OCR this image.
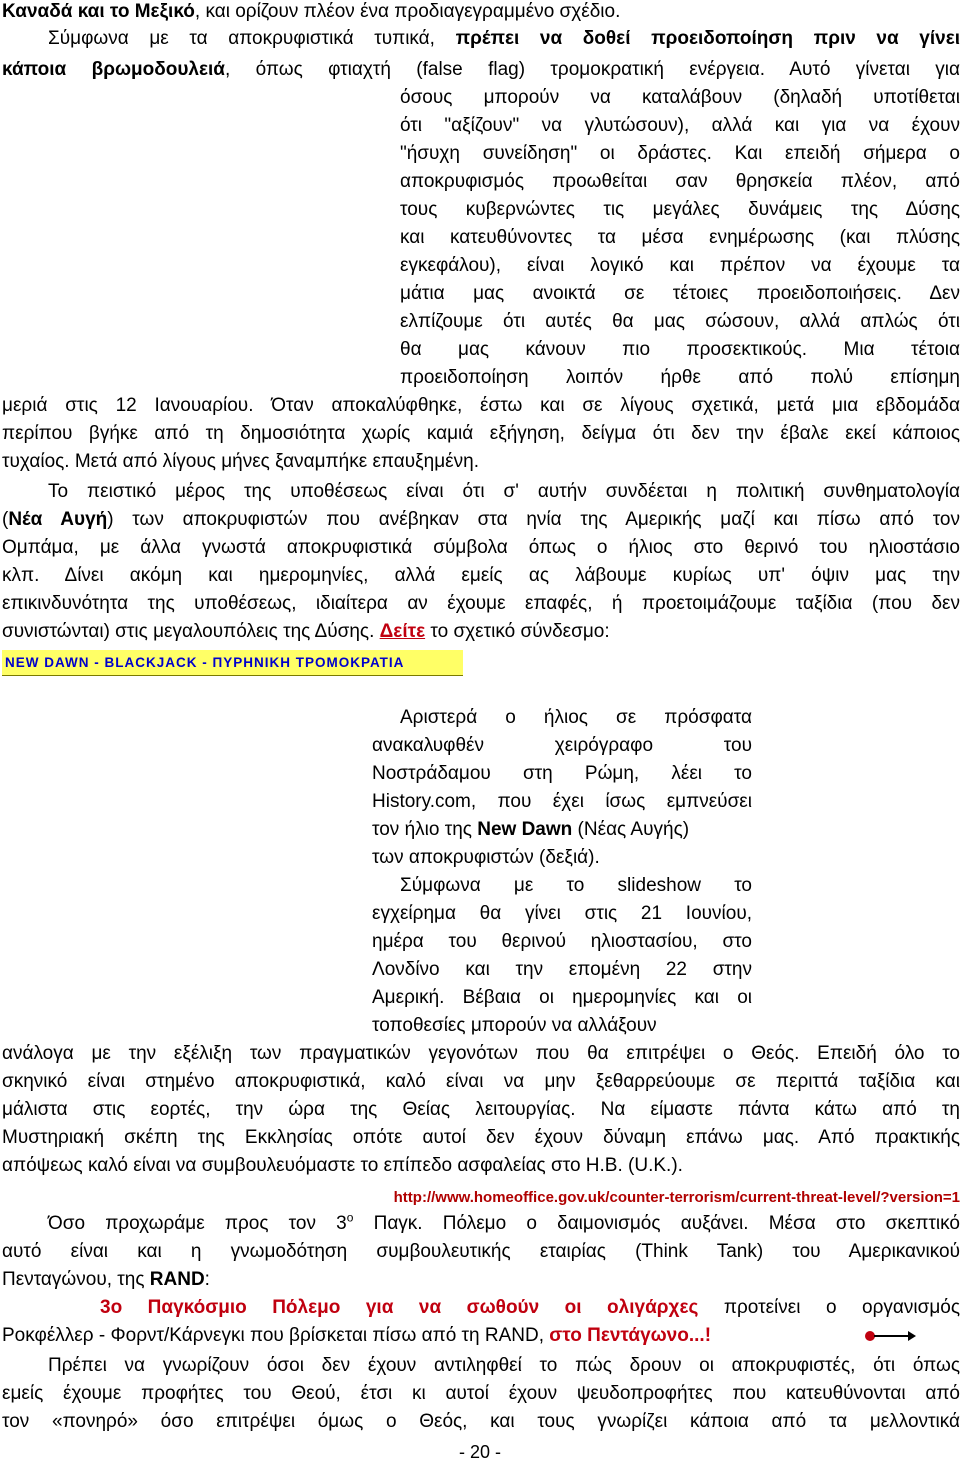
Καναδά και το Μεξικό, και ορίζουν πλέον ένα προδιαγεγραμμένο σχέδιο.
Σύμφωνα με τα αποκρυφιστικά τυπικά, πρέπει να δοθεί προειδοποίηση πριν να γίνει
κάποια βρωμοδουλειά, όπως φτιαχτή (false flag) τρομοκρατική ενέργεια. Αυτό γίνεται για
όσους μπορούν να καταλάβουν (δηλαδή υποτίθεται
ότι "αξίζουν" να γλυτώσουν), αλλά και για να έχουν
"ήσυχη συνείδηση" οι δράστες. Και επειδή σήμερα ο
αποκρυφισμός προωθείται σαν θρησκεία πλέον, από
τους κυβερνώντες τις μεγάλες δυνάμεις της Δύσης
και κατευθύνοντες τα μέσα ενημέρωσης (και πλύσης
εγκεφάλου), είναι λογικό και πρέπον να έχουμε τα
μάτια μας ανοικτά σε τέτοιες προειδοποιήσεις. Δεν
ελπίζουμε ότι αυτές θα μας σώσουν, αλλά απλώς ότι
θα μας κάνουν πιο προσεκτικούς. Μια τέτοια
προειδοποίηση λοιπόν ήρθε από πολύ επίσημη
μεριά στις 12 Ιανουαρίου. Όταν αποκαλύφθηκε, έστω και σε λίγους σχετικά, μετά μια εβδομάδα
περίπου βγήκε από τη δημοσιότητα χωρίς καμιά εξήγηση, δείγμα ότι δεν την έβαλε εκεί κάποιος
τυχαίος. Μετά από λίγους μήνες ξαναμπήκε επαυξημένη.
Το πειστικό μέρος της υποθέσεως είναι ότι σ' αυτήν συνδέεται η πολιτική συνθηματολογία
(Νέα Αυγή) των αποκρυφιστών που ανέβηκαν στα ηνία της Αμερικής μαζί και πίσω από τον
Ομπάμα, με άλλα γνωστά αποκρυφιστικά σύμβολα όπως ο ήλιος στο θερινό του ηλιοστάσιο
κλπ. Δίνει ακόμη και ημερομηνίες, αλλά εμείς ας λάβουμε κυρίως υπ' όψιν μας την
επικινδυνότητα της υποθέσεως, ιδιαίτερα αν έχουμε επαφές, ή προετοιμάζουμε ταξίδια (που δεν
συνιστώνται) στις μεγαλουπόλεις της Δύσης. Δείτε το σχετικό σύνδεσμο:
NEW DAWN - BLACKJACK - ΠΥΡΗΝΙΚΗ ΤΡΟΜΟΚΡΑΤΙΑ
Αριστερά ο ήλιος σε πρόσφατα
ανακαλυφθέν χειρόγραφο του
Νοστράδαμου στη Ρώμη, λέει το
History.com, που έχει ίσως εμπνεύσει
τον ήλιο της New Dawn (Νέας Αυγής)
των αποκρυφιστών (δεξιά).
Σύμφωνα με το slideshow το
εγχείρημα θα γίνει στις 21 Ιουνίου,
ημέρα του θερινού ηλιοστασίου, στο
Λονδίνο και την επομένη 22 στην
Αμερική. Βέβαια οι ημερομηνίες και οι
τοποθεσίες μπορούν να αλλάξουν
ανάλογα με την εξέλιξη των πραγματικών γεγονότων που θα επιτρέψει ο Θεός. Επειδή όλο το
σκηνικό είναι στημένο αποκρυφιστικά, καλό είναι να μην ξεθαρρεύουμε σε περιττά ταξίδια και
μάλιστα στις εορτές, την ώρα της Θείας λειτουργίας. Να είμαστε πάντα κάτω από τη
Μυστηριακή σκέπη της Εκκλησίας οπότε αυτοί δεν έχουν δύναμη επάνω μας. Από πρακτικής
απόψεως καλό είναι να συμβουλευόμαστε το επίπεδο ασφαλείας στο Η.Β. (U.K.).
http://www.homeoffice.gov.uk/counter-terrorism/current-threat-level/?version=1
Όσο προχωράμε προς τον $3^o$ Παγκ. Πόλεμο ο δαιμονισμός αυξάνει. Μέσα στο σκεπτικό
αυτό είναι και η γνωμοδότηση συμβουλευτικής εταιρίας (Think Tank) του Αμερικανικού
Πενταγώνου, της RAND:
3ο Παγκόσμιο Πόλεμο για να σωθούν οι ολιγάρχες προτείνει ο οργανισμός
Ροκφέλλερ - Φορντ/Κάρνεγκι που βρίσκεται πίσω από τη RAND, στο Πεντάγωνο...!
Πρέπει να γνωρίζουν όσοι δεν έχουν αντιληφθεί το πώς δρουν οι αποκρυφιστές, ότι όπως
εμείς έχουμε προφήτες του Θεού, έτσι κι αυτοί έχουν ψευδοπροφήτες που κατευθύνονται από
τον «πονηρό» όσο επιτρέψει όμως ο Θεός, και τους γνωρίζει κάποια από τα μελλοντικά
- 20 -
